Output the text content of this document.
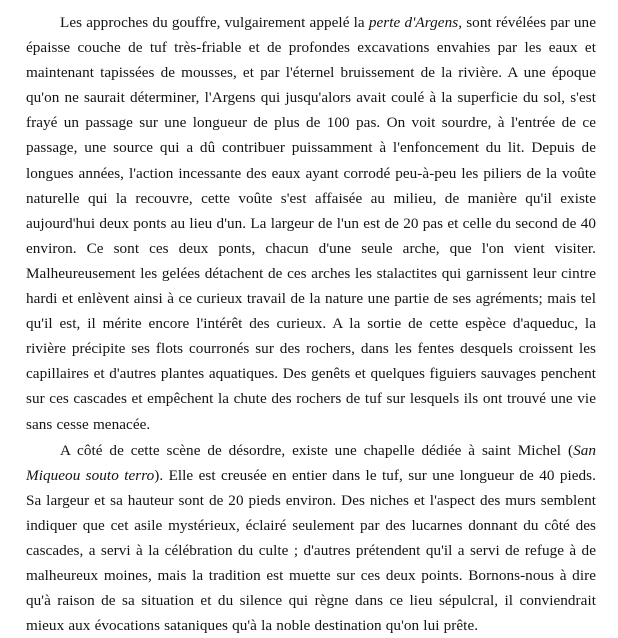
Les approches du gouffre, vulgairement appelé la perte d'Argens, sont révélées par une épaisse couche de tuf très-friable et de profondes excavations envahies par les eaux et maintenant tapissées de mousses, et par l'éternel bruissement de la rivière. A une époque qu'on ne saurait déterminer, l'Argens qui jusqu'alors avait coulé à la superficie du sol, s'est frayé un passage sur une longueur de plus de 100 pas. On voit sourdre, à l'entrée de ce passage, une source qui a dû contribuer puissamment à l'enfoncement du lit. Depuis de longues années, l'action incessante des eaux ayant corrodé peu-à-peu les piliers de la voûte naturelle qui la recouvre, cette voûte s'est affaisée au milieu, de manière qu'il existe aujourd'hui deux ponts au lieu d'un. La largeur de l'un est de 20 pas et celle du second de 40 environ. Ce sont ces deux ponts, chacun d'une seule arche, que l'on vient visiter. Malheureusement les gelées détachent de ces arches les stalactites qui garnissent leur cintre hardi et enlèvent ainsi à ce curieux travail de la nature une partie de ses agréments; mais tel qu'il est, il mérite encore l'intérêt des curieux. A la sortie de cette espèce d'aqueduc, la rivière précipite ses flots courronés sur des rochers, dans les fentes desquels croissent les capillaires et d'autres plantes aquatiques. Des genêts et quelques figuiers sauvages penchent sur ces cascades et empêchent la chute des rochers de tuf sur lesquels ils ont trouvé une vie sans cesse menacée.

A côté de cette scène de désordre, existe une chapelle dédiée à saint Michel (San Miqueou souto terro). Elle est creusée en entier dans le tuf, sur une longueur de 40 pieds. Sa largeur et sa hauteur sont de 20 pieds environ. Des niches et l'aspect des murs semblent indiquer que cet asile mystérieux, éclairé seulement par des lucarnes donnant du côté des cascades, a servi à la célébration du culte ; d'autres prétendent qu'il a servi de refuge à de malheureux moines, mais la tradition est muette sur ces deux points. Bornons-nous à dire qu'à raison de sa situation et du silence qui règne dans ce lieu sépulcral, il conviendrait mieux aux évocations sataniques qu'à la noble destination qu'on lui prête.
